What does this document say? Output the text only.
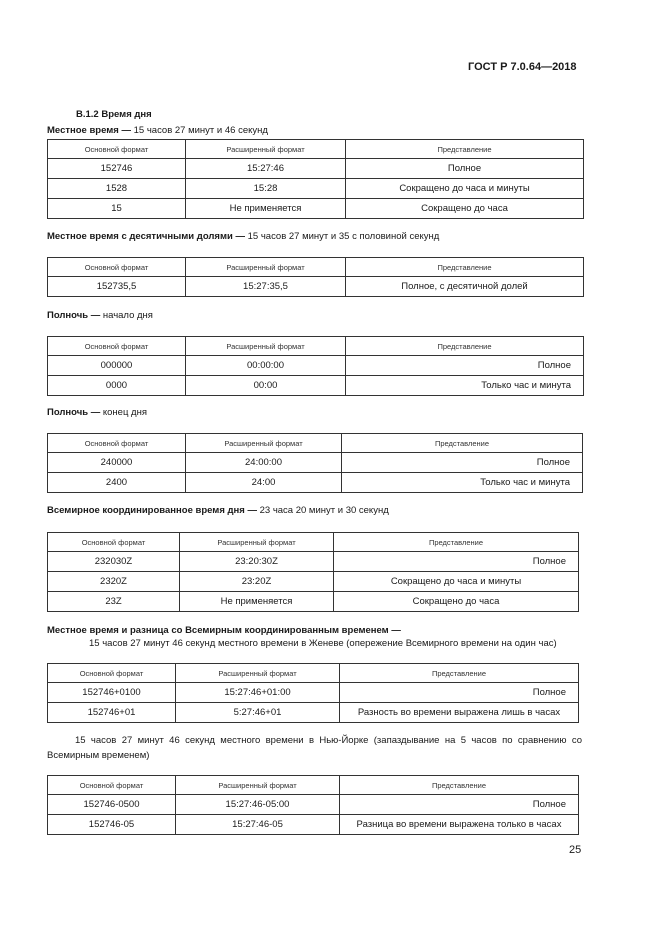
ГОСТ Р 7.0.64—2018
В.1.2 Время дня
Местное время — 15 часов 27 минут и 46 секунд
Основной формат	Расширенный формат	Представление
152746	15:27:46	Полное
1528	15:28	Сокращено до часа и минуты
15	Не применяется	Сокращено до часа
Местное время с десятичными долями — 15 часов 27 минут и 35 с половиной секунд
Основной формат	Расширенный формат	Представление
152735,5	15:27:35,5	Полное, с десятичной долей
Полночь — начало дня
Основной формат	Расширенный формат	Представление
000000	00:00:00	Полное
0000	00:00	Только час и минута
Полночь — конец дня
Основной формат	Расширенный формат	Представление
240000	24:00:00	Полное
2400	24:00	Только час и минута
Всемирное координированное время дня — 23 часа 20 минут и 30 секунд
Основной формат	Расширенный формат	Представление
232030Z	23:20:30Z	Полное
2320Z	23:20Z	Сокращено до часа и минуты
23Z	Не применяется	Сокращено до часа
Местное время и разница со Всемирным координированным временем —
15 часов 27 минут 46 секунд местного времени в Женеве (опережение Всемирного времени на один час)
Основной формат	Расширенный формат	Представление
152746+0100	15:27:46+01:00	Полное
152746+01	5:27:46+01	Разность во времени выражена лишь в часах
15 часов 27 минут 46 секунд местного времени в Нью-Йорке (запаздывание на 5 часов по сравнению со Всемирным временем)
Основной формат	Расширенный формат	Представление
152746-0500	15:27:46-05:00	Полное
152746-05	15:27:46-05	Разница во времени выражена только в часах
25
